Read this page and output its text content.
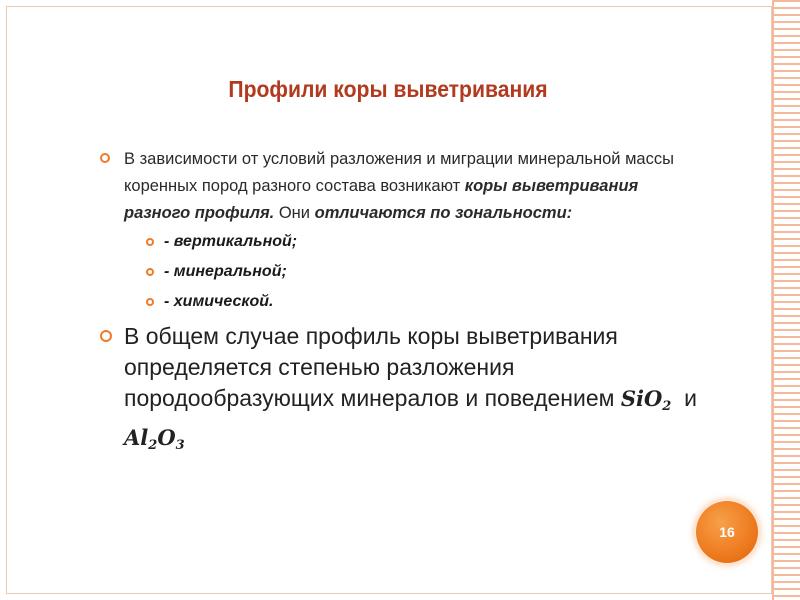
Профили коры выветривания
В зависимости от условий разложения и миграции минеральной массы коренных пород разного состава возникают коры выветривания разного профиля. Они отличаются по зональности:
- вертикальной;
- минеральной;
- химической.
В общем случае профиль коры выветривания определяется степенью разложения породообразующих минералов и поведением SiO$_2$ и
$Al_2O_3$
16
